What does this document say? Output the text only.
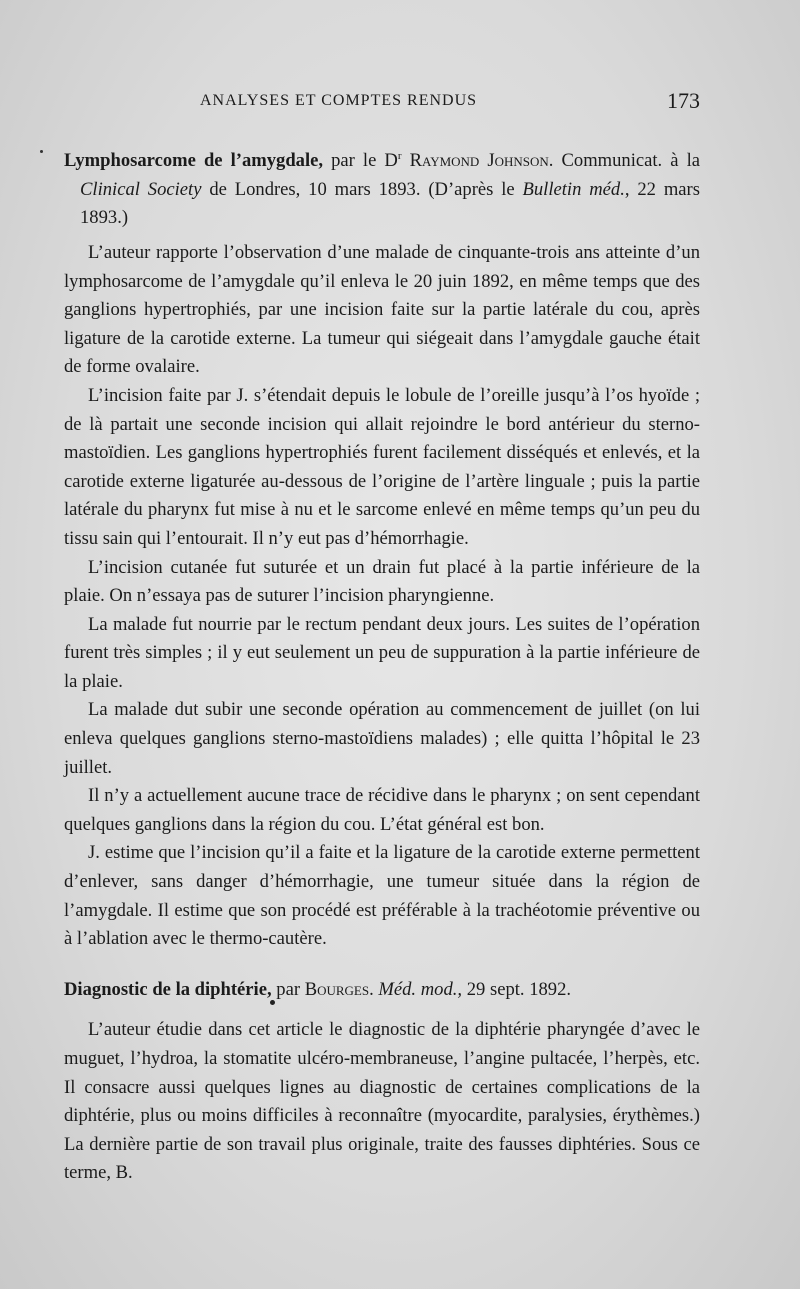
ANALYSES ET COMPTES RENDUS	173

Lymphosarcome de l’amygdale, par le $D^r$ Raymond Johnson. Communicat. à la Clinical Society de Londres, 10 mars 1893. (D’après le Bulletin méd., 22 mars 1893.)

L’auteur rapporte l’observation d’une malade de cinquante-trois ans atteinte d’un lymphosarcome de l’amygdale qu’il enleva le 20 juin 1892, en même temps que des ganglions hypertrophiés, par une incision faite sur la partie latérale du cou, après ligature de la carotide externe. La tumeur qui siégeait dans l’amygdale gauche était de forme ovalaire.

L’incision faite par J. s’étendait depuis le lobule de l’oreille jusqu’à l’os hyoïde ; de là partait une seconde incision qui allait rejoindre le bord antérieur du sterno-mastoïdien. Les ganglions hypertrophiés furent facilement disséqués et enlevés, et la carotide externe ligaturée au-dessous de l’origine de l’artère linguale ; puis la partie latérale du pharynx fut mise à nu et le sarcome enlevé en même temps qu’un peu du tissu sain qui l’entourait. Il n’y eut pas d’hémorrhagie.

L’incision cutanée fut suturée et un drain fut placé à la partie inférieure de la plaie. On n’essaya pas de suturer l’incision pharyngienne.

La malade fut nourrie par le rectum pendant deux jours. Les suites de l’opération furent très simples ; il y eut seulement un peu de suppuration à la partie inférieure de la plaie.

La malade dut subir une seconde opération au commencement de juillet (on lui enleva quelques ganglions sterno-mastoïdiens malades) ; elle quitta l’hôpital le 23 juillet.

Il n’y a actuellement aucune trace de récidive dans le pharynx ; on sent cependant quelques ganglions dans la région du cou. L’état général est bon.

J. estime que l’incision qu’il a faite et la ligature de la carotide externe permettent d’enlever, sans danger d’hémorrhagie, une tumeur située dans la région de l’amygdale. Il estime que son procédé est préférable à la trachéotomie préventive ou à l’ablation avec le thermo-cautère.

Diagnostic de la diphtérie, par Bourges. Méd. mod., 29 sept. 1892.

L’auteur étudie dans cet article le diagnostic de la diphtérie pharyngée d’avec le muguet, l’hydroa, la stomatite ulcéro-membraneuse, l’angine pultacée, l’herpès, etc. Il consacre aussi quelques lignes au diagnostic de certaines complications de la diphtérie, plus ou moins difficiles à reconnaître (myocardite, paralysies, érythèmes.) La dernière partie de son travail plus originale, traite des fausses diphtéries. Sous ce terme, B.
